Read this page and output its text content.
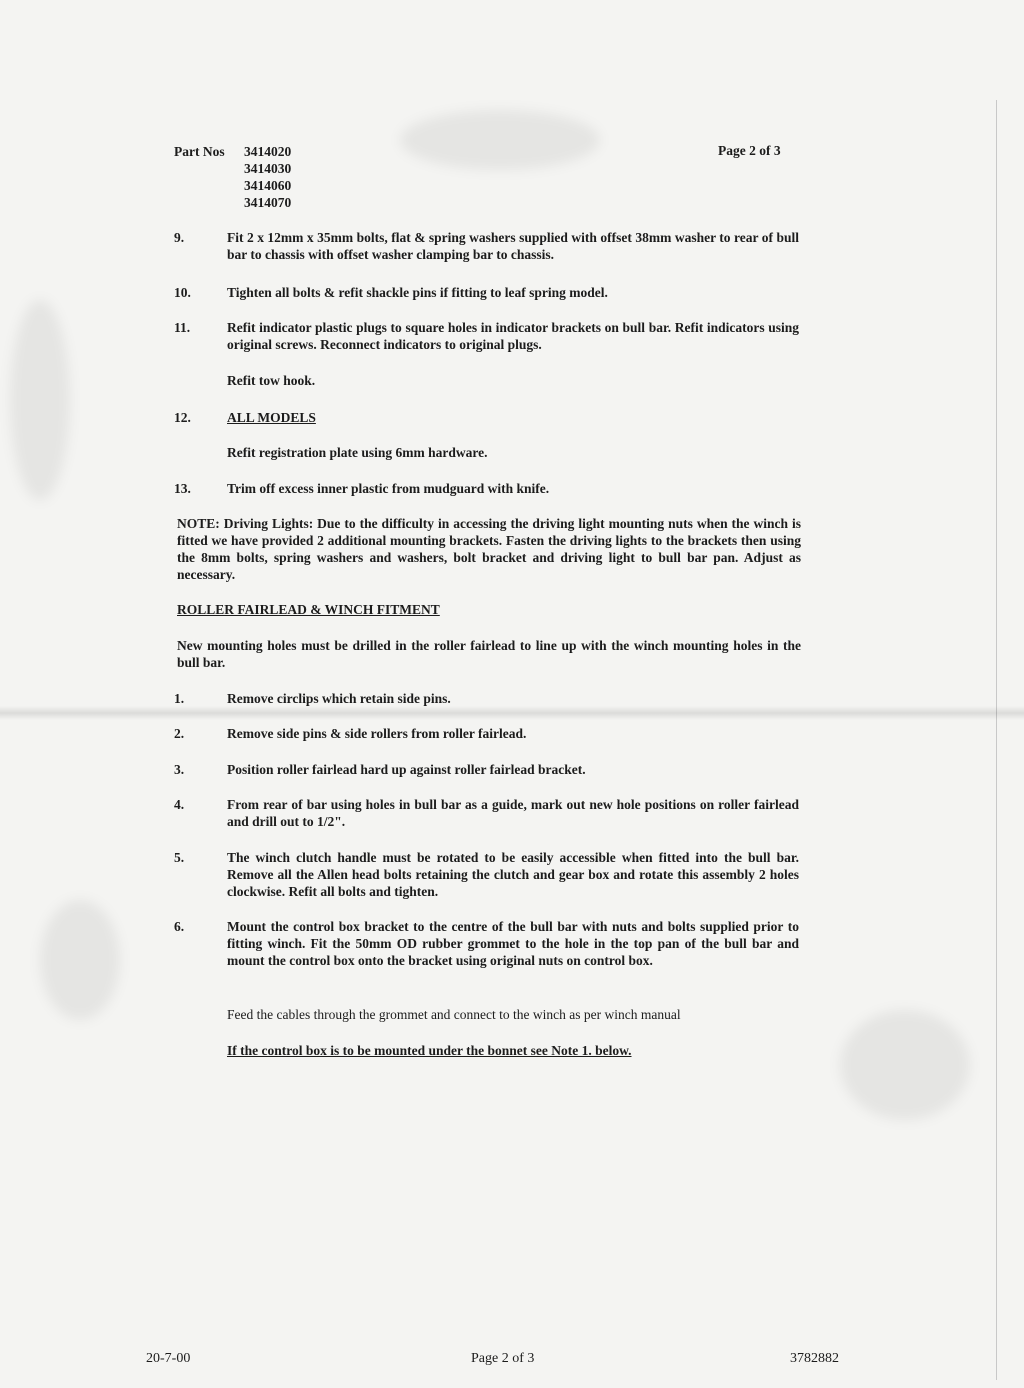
Part Nos 3414020
3414030
3414060
3414070
Page 2 of 3
9.	Fit 2 x 12mm x 35mm bolts, flat & spring washers supplied with offset 38mm washer to rear of bull bar to chassis with offset washer clamping bar to chassis.
10.	Tighten all bolts & refit shackle pins if fitting to leaf spring model.
11.	Refit indicator plastic plugs to square holes in indicator brackets on bull bar. Refit indicators using original screws. Reconnect indicators to original plugs.
Refit tow hook.
12.	ALL MODELS
Refit registration plate using 6mm hardware.
13.	Trim off excess inner plastic from mudguard with knife.
NOTE: Driving Lights: Due to the difficulty in accessing the driving light mounting nuts when the winch is fitted we have provided 2 additional mounting brackets. Fasten the driving lights to the brackets then using the 8mm bolts, spring washers and washers, bolt bracket and driving light to bull bar pan. Adjust as necessary.
ROLLER FAIRLEAD & WINCH FITMENT
New mounting holes must be drilled in the roller fairlead to line up with the winch mounting holes in the bull bar.
1.	Remove circlips which retain side pins.
2.	Remove side pins & side rollers from roller fairlead.
3.	Position roller fairlead hard up against roller fairlead bracket.
4.	From rear of bar using holes in bull bar as a guide, mark out new hole positions on roller fairlead and drill out to 1/2".
5.	The winch clutch handle must be rotated to be easily accessible when fitted into the bull bar. Remove all the Allen head bolts retaining the clutch and gear box and rotate this assembly 2 holes clockwise. Refit all bolts and tighten.
6.	Mount the control box bracket to the centre of the bull bar with nuts and bolts supplied prior to fitting winch. Fit the 50mm OD rubber grommet to the hole in the top pan of the bull bar and mount the control box onto the bracket using original nuts on control box.
Feed the cables through the grommet and connect to the winch as per winch manual
If the control box is to be mounted under the bonnet see Note 1. below.
20-7-00	Page 2 of 3	3782882
